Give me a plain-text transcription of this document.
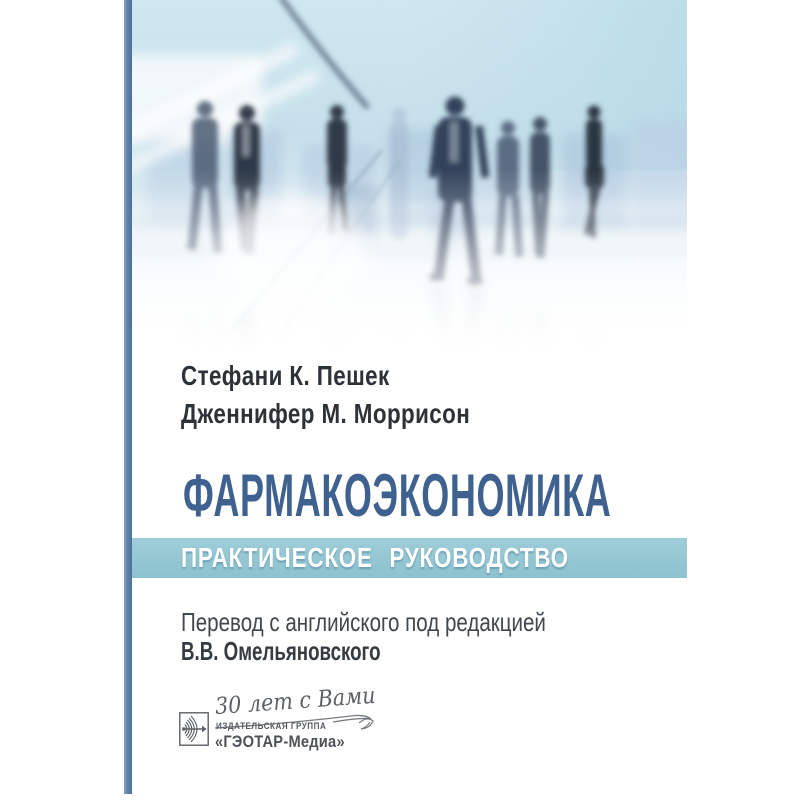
Стефани К. Пешек
Дженнифер М. Моррисон
ФАРМАКОЭКОНОМИКА
ПРАКТИЧЕСКОЕ РУКОВОДСТВО
Перевод с английского под редакцией
В.В. Омельяновского
30 лет с Вами
ИЗДАТЕЛЬСКАЯ ГРУППА
«ГЭОТАР-Медиа»
